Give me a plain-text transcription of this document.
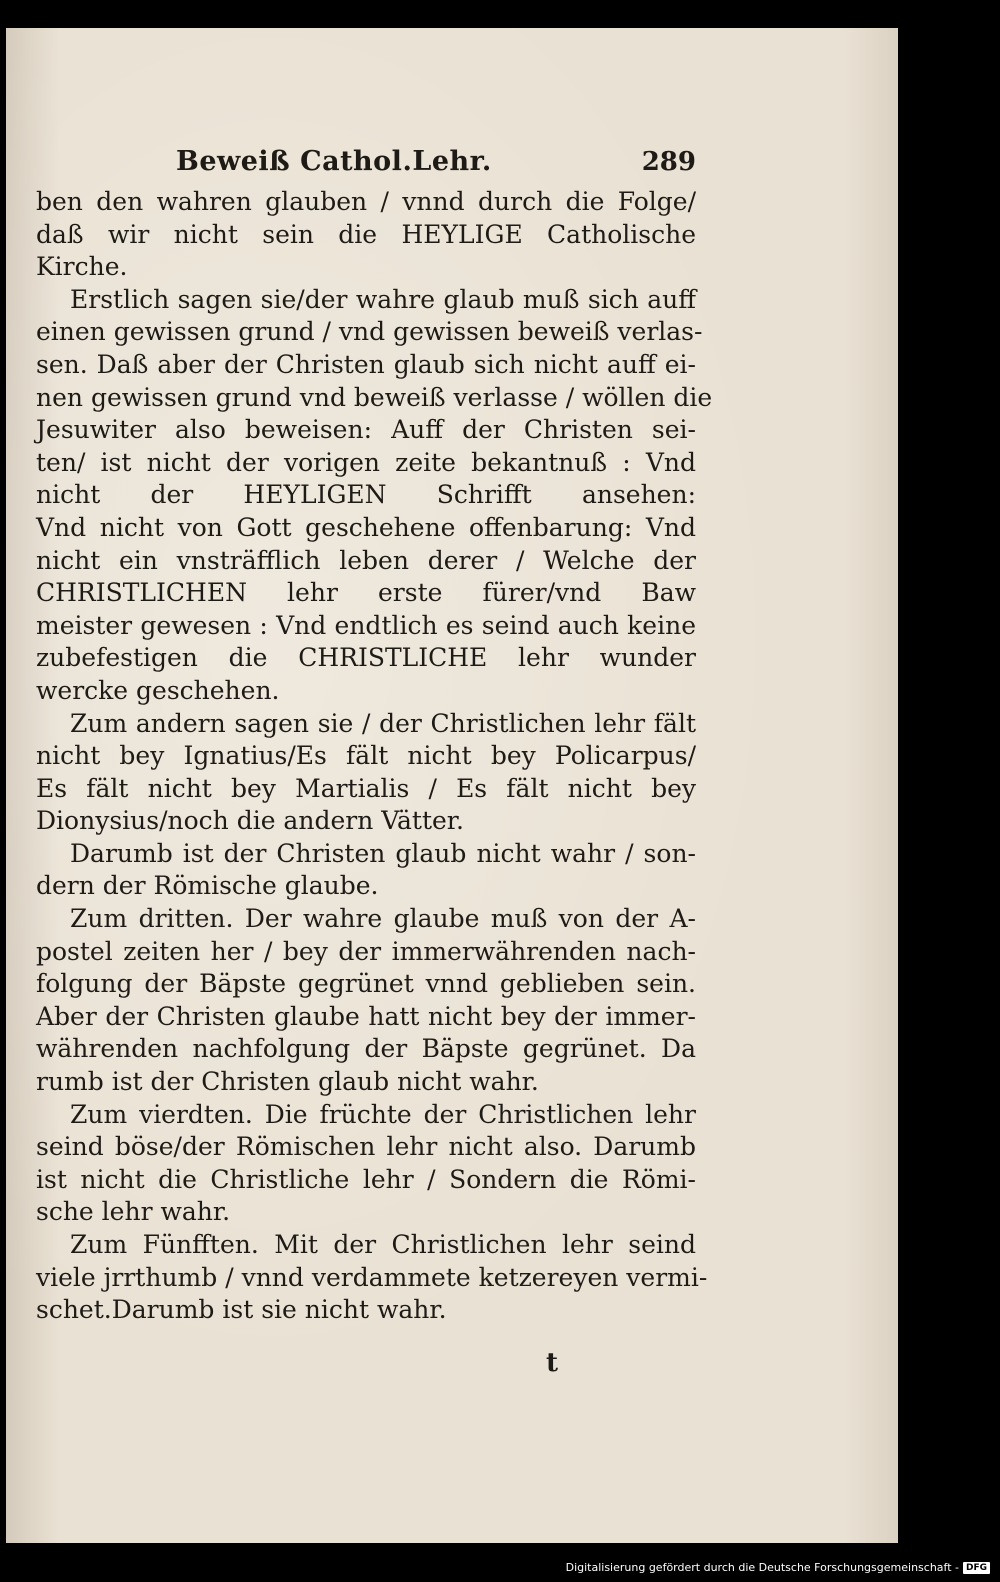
Beweiß Cathol.Lehr.	289
ben den wahren glauben / vnnd durch die Folge/
daß wir nicht sein die HEYLIGE Catholische
Kirche.
Erstlich sagen sie/der wahre glaub muß sich auff
einen gewissen grund / vnd gewissen beweiß verlas-
sen. Daß aber der Christen glaub sich nicht auff ei-
nen gewissen grund vnd beweiß verlasse / wöllen die
Jesuwiter also beweisen: Auff der Christen sei-
ten/ ist nicht der vorigen zeite bekantnuß : Vnd
nicht der HEYLIGEN Schrifft ansehen:
Vnd nicht von Gott geschehene offenbarung: Vnd
nicht ein vnsträfflich leben derer / Welche der
CHRISTLICHEN lehr erste fürer/vnd Baw
meister gewesen : Vnd endtlich es seind auch keine
zubefestigen die CHRISTLICHE lehr wunder
wercke geschehen.
Zum andern sagen sie / der Christlichen lehr fält
nicht bey Ignatius/Es fält nicht bey Policarpus/
Es fält nicht bey Martialis / Es fält nicht bey
Dionysius/noch die andern Vätter.
Darumb ist der Christen glaub nicht wahr / son-
dern der Römische glaube.
Zum dritten. Der wahre glaube muß von der A-
postel zeiten her / bey der immerwährenden nach-
folgung der Bäpste gegrünet vnnd geblieben sein.
Aber der Christen glaube hatt nicht bey der immer-
währenden nachfolgung der Bäpste gegrünet. Da
rumb ist der Christen glaub nicht wahr.
Zum vierdten. Die früchte der Christlichen lehr
seind böse/der Römischen lehr nicht also. Darumb
ist nicht die Christliche lehr / Sondern die Römi-
sche lehr wahr.
Zum Fünfften. Mit der Christlichen lehr seind
viele jrrthumb / vnnd verdammete ketzereyen vermi-
schet.Darumb ist sie nicht wahr.
t
Digitalisierung gefördert durch die Deutsche Forschungsgemeinschaft - DFG
